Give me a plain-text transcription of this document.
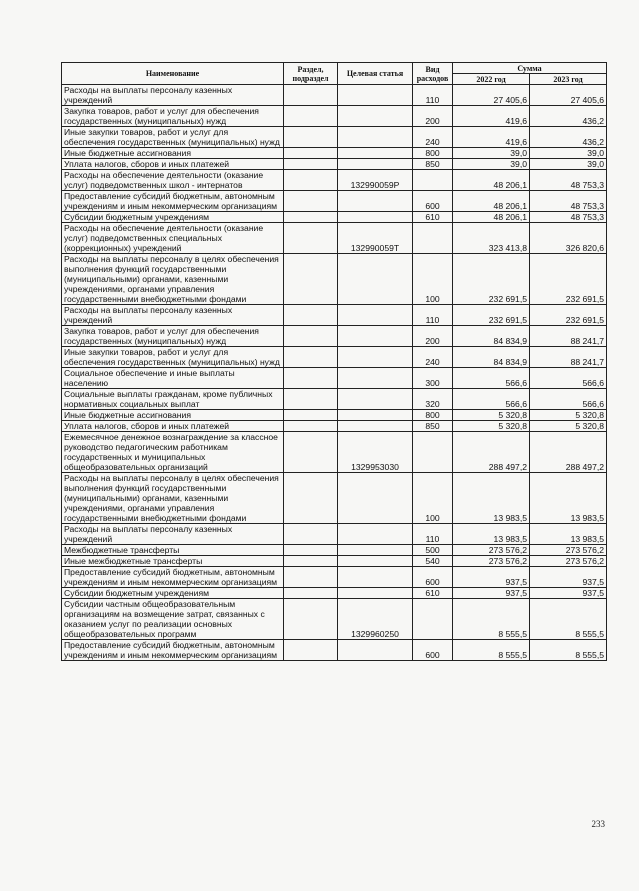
Наименование	Раздел, подраздел	Целевая статья	Вид расходов	Сумма	
				2022 год	2023 год
Расходы на выплаты персоналу казенных учреждений			110	27 405,6	27 405,6
Закупка товаров, работ и услуг для обеспечения государственных (муниципальных) нужд			200	419,6	436,2
Иные закупки товаров, работ и услуг для обеспечения государственных (муниципальных) нужд			240	419,6	436,2
Иные бюджетные ассигнования			800	39,0	39,0
Уплата налогов, сборов и иных платежей			850	39,0	39,0
Расходы на обеспечение деятельности (оказание услуг) подведомственных школ - интернатов		132990059P		48 206,1	48 753,3
Предоставление субсидий бюджетным, автономным учреждениям и иным некоммерческим организациям			600	48 206,1	48 753,3
Субсидии бюджетным учреждениям			610	48 206,1	48 753,3
Расходы на обеспечение деятельности (оказание услуг) подведомственных специальных (коррекционных) учреждений		132990059T		323 413,8	326 820,6
Расходы на выплаты персоналу в целях обеспечения выполнения функций государственными (муниципальными) органами, казенными учреждениями, органами управления государственными внебюджетными фондами			100	232 691,5	232 691,5
Расходы на выплаты персоналу казенных учреждений			110	232 691,5	232 691,5
Закупка товаров, работ и услуг для обеспечения государственных (муниципальных) нужд			200	84 834,9	88 241,7
Иные закупки товаров, работ и услуг для обеспечения государственных (муниципальных) нужд			240	84 834,9	88 241,7
Социальное обеспечение и иные выплаты населению			300	566,6	566,6
Социальные выплаты гражданам, кроме публичных нормативных социальных выплат			320	566,6	566,6
Иные бюджетные ассигнования			800	5 320,8	5 320,8
Уплата налогов, сборов и иных платежей			850	5 320,8	5 320,8
Ежемесячное денежное вознаграждение за классное руководство педагогическим работникам государственных и муниципальных общеобразовательных организаций		1329953030		288 497,2	288 497,2
Расходы на выплаты персоналу в целях обеспечения выполнения функций государственными (муниципальными) органами, казенными учреждениями, органами управления государственными внебюджетными фондами			100	13 983,5	13 983,5
Расходы на выплаты персоналу казенных учреждений			110	13 983,5	13 983,5
Межбюджетные трансферты			500	273 576,2	273 576,2
Иные межбюджетные трансферты			540	273 576,2	273 576,2
Предоставление субсидий бюджетным, автономным учреждениям и иным некоммерческим организациям			600	937,5	937,5
Субсидии бюджетным учреждениям			610	937,5	937,5
Субсидии частным общеобразовательным организациям на возмещение затрат, связанных с оказанием услуг по реализации основных общеобразовательных программ		1329960250		8 555,5	8 555,5
Предоставление субсидий бюджетным, автономным учреждениям и иным некоммерческим организациям			600	8 555,5	8 555,5
233
